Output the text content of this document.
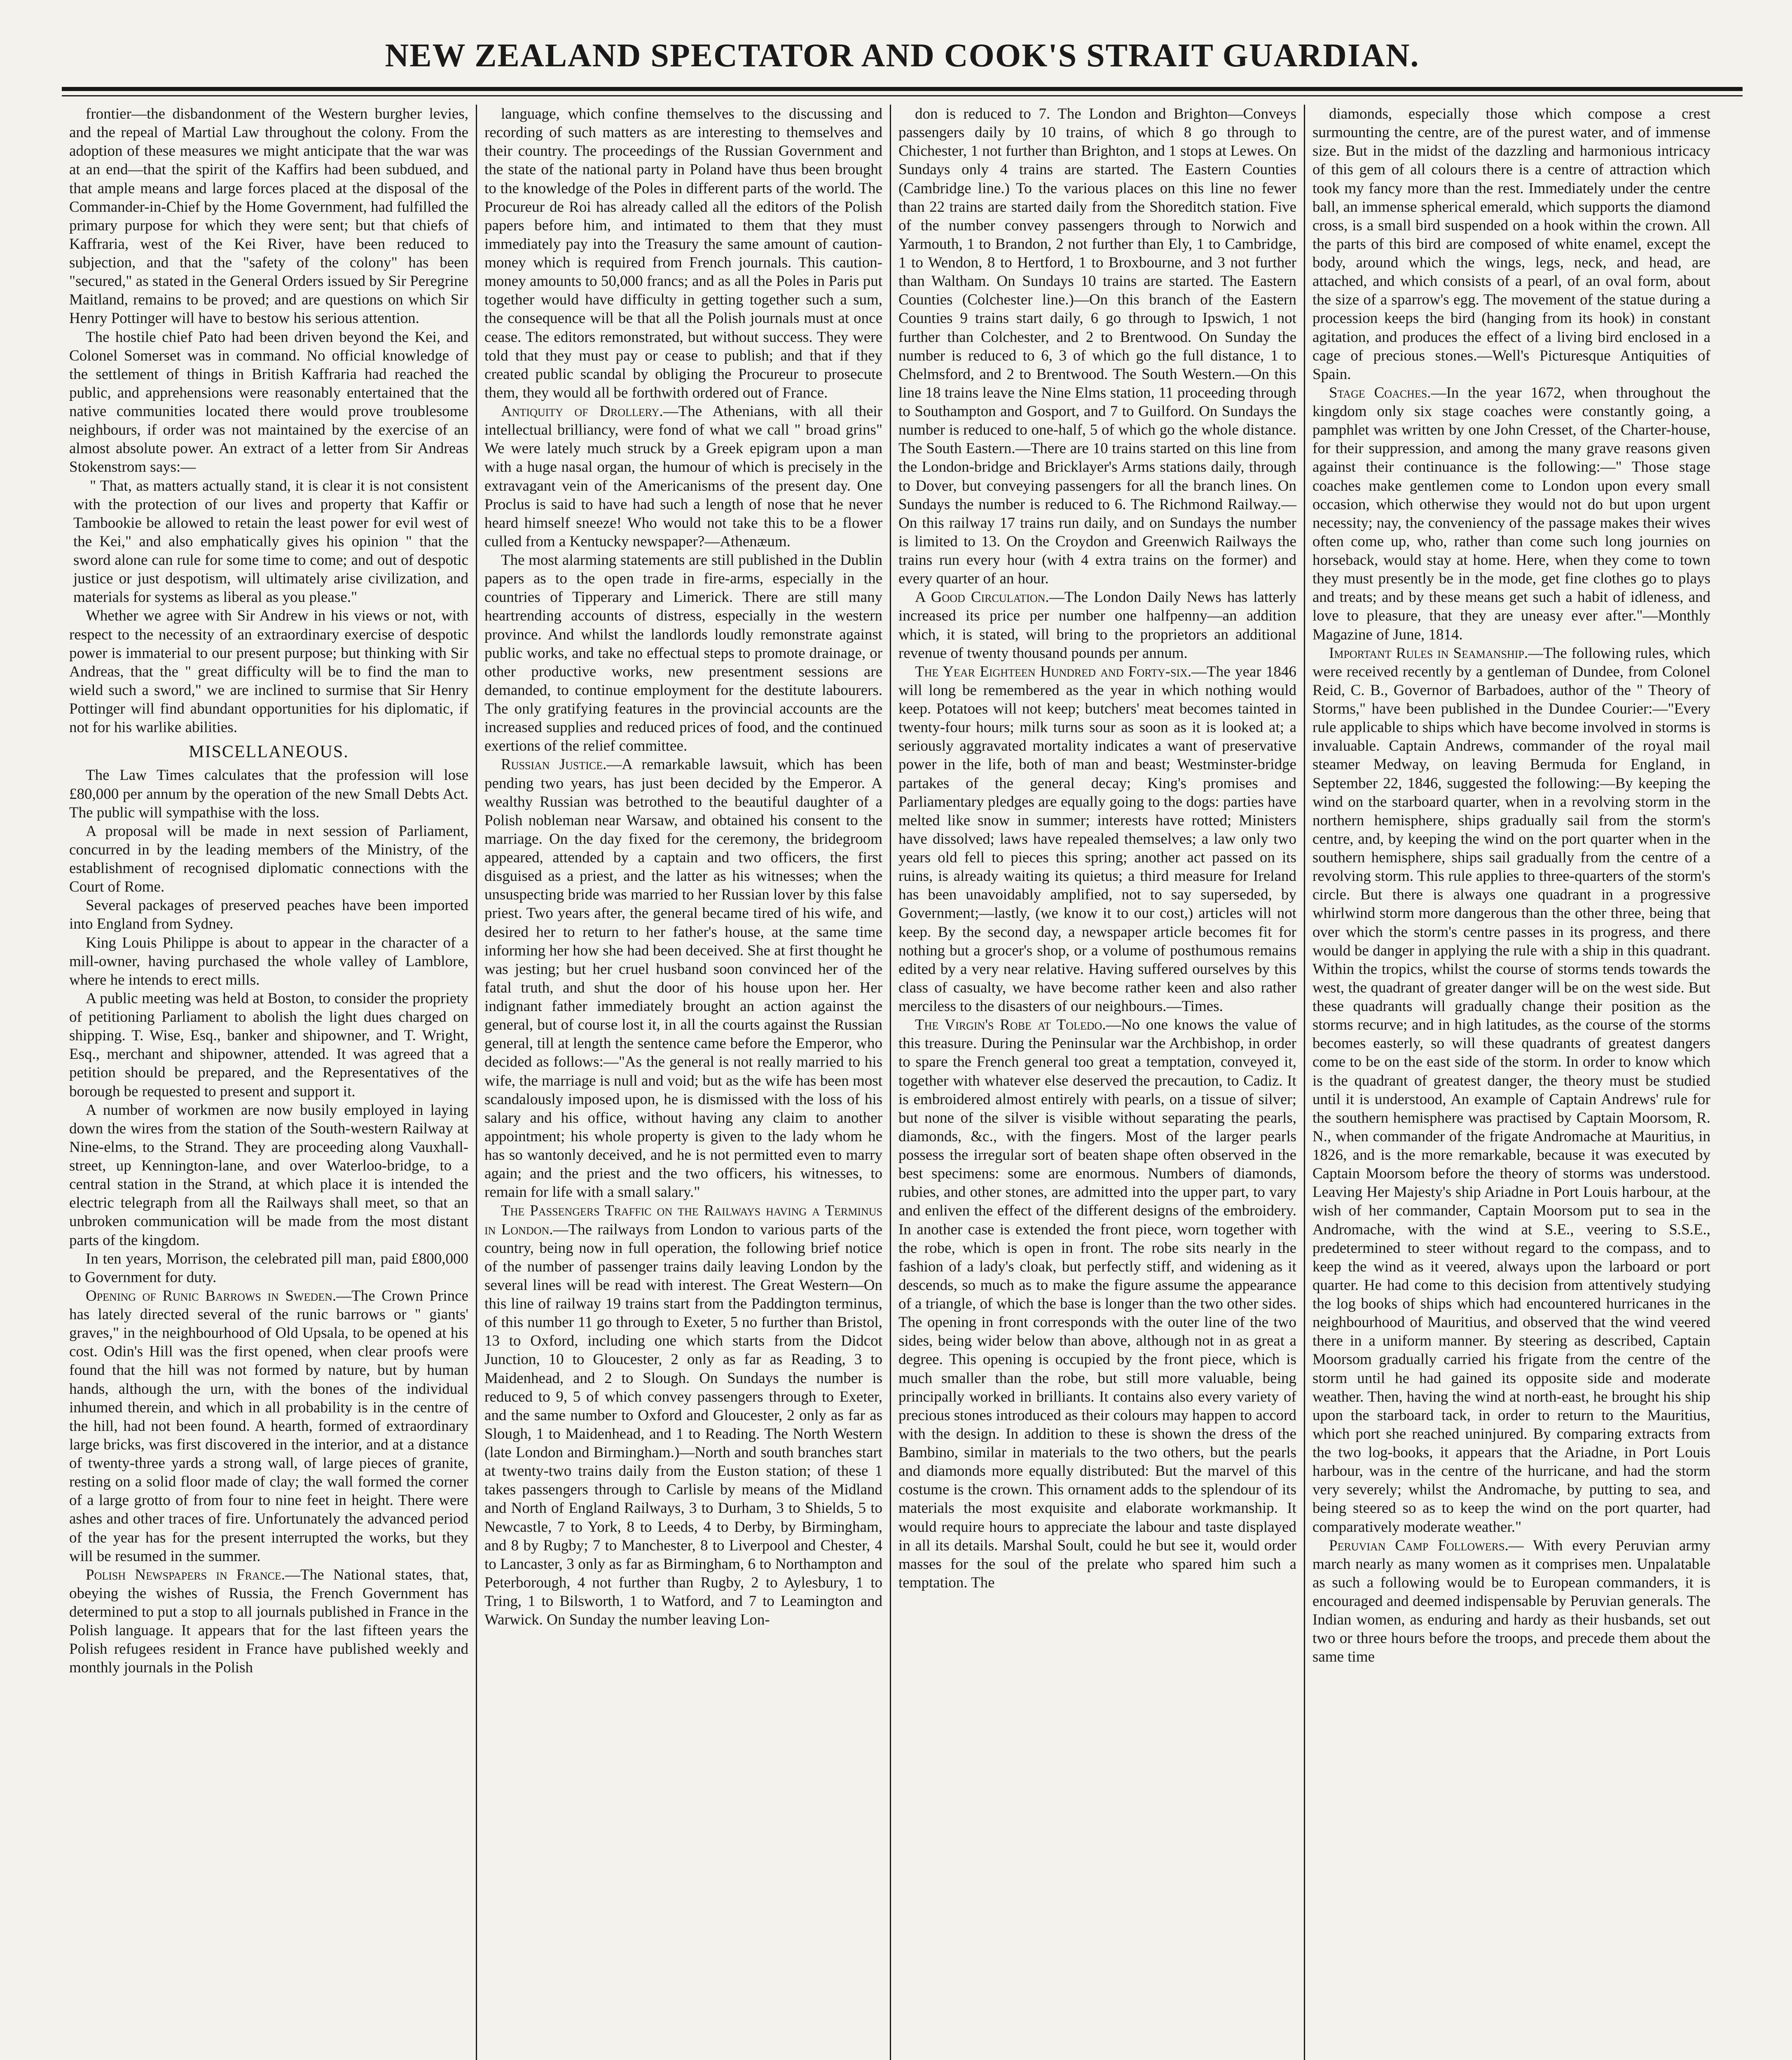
NEW ZEALAND SPECTATOR AND COOK'S STRAIT GUARDIAN.

frontier—the disbandonment of the Western burgher levies, and the repeal of Martial Law throughout the colony. From the adoption of these measures we might anticipate that the war was at an end—that the spirit of the Kaffirs had been subdued, and that ample means and large forces placed at the disposal of the Commander-in-Chief by the Home Government, had fulfilled the primary purpose for which they were sent; but that chiefs of Kaffraria, west of the Kei River, have been reduced to subjection, and that the "safety of the colony" has been "secured," as stated in the General Orders issued by Sir Peregrine Maitland, remains to be proved; and are questions on which Sir Henry Pottinger will have to bestow his serious attention.

The hostile chief Pato had been driven beyond the Kei, and Colonel Somerset was in command. No official knowledge of the settlement of things in British Kaffraria had reached the public, and apprehensions were reasonably entertained that the native communities located there would prove troublesome neighbours, if order was not maintained by the exercise of an almost absolute power. An extract of a letter from Sir Andreas Stokenstrom says:—

" That, as matters actually stand, it is clear it is not consistent with the protection of our lives and property that Kaffir or Tambookie be allowed to retain the least power for evil west of the Kei," and also emphatically gives his opinion " that the sword alone can rule for some time to come; and out of despotic justice or just despotism, will ultimately arise civilization, and materials for systems as liberal as you please."

Whether we agree with Sir Andrew in his views or not, with respect to the necessity of an extraordinary exercise of despotic power is immaterial to our present purpose; but thinking with Sir Andreas, that the " great difficulty will be to find the man to wield such a sword," we are inclined to surmise that Sir Henry Pottinger will find abundant opportunities for his diplomatic, if not for his warlike abilities.

MISCELLANEOUS.

The Law Times calculates that the profession will lose £80,000 per annum by the operation of the new Small Debts Act. The public will sympathise with the loss.

A proposal will be made in next session of Parliament, concurred in by the leading members of the Ministry, of the establishment of recognised diplomatic connections with the Court of Rome.

Several packages of preserved peaches have been imported into England from Sydney.

King Louis Philippe is about to appear in the character of a mill-owner, having purchased the whole valley of Lamblore, where he intends to erect mills.

A public meeting was held at Boston, to consider the propriety of petitioning Parliament to abolish the light dues charged on shipping. T. Wise, Esq., banker and shipowner, and T. Wright, Esq., merchant and shipowner, attended. It was agreed that a petition should be prepared, and the Representatives of the borough be requested to present and support it.

A number of workmen are now busily employed in laying down the wires from the station of the South-western Railway at Nine-elms, to the Strand. They are proceeding along Vauxhall-street, up Kennington-lane, and over Waterloo-bridge, to a central station in the Strand, at which place it is intended the electric telegraph from all the Railways shall meet, so that an unbroken communication will be made from the most distant parts of the kingdom.

In ten years, Morrison, the celebrated pill man, paid £800,000 to Government for duty.

Opening of Runic Barrows in Sweden.—The Crown Prince has lately directed several of the runic barrows or " giants' graves," in the neighbourhood of Old Upsala, to be opened at his cost. Odin's Hill was the first opened, when clear proofs were found that the hill was not formed by nature, but by human hands, although the urn, with the bones of the individual inhumed therein, and which in all probability is in the centre of the hill, had not been found. A hearth, formed of extraordinary large bricks, was first discovered in the interior, and at a distance of twenty-three yards a strong wall, of large pieces of granite, resting on a solid floor made of clay; the wall formed the corner of a large grotto of from four to nine feet in height. There were ashes and other traces of fire. Unfortunately the advanced period of the year has for the present interrupted the works, but they will be resumed in the summer.

Polish Newspapers in France.—The National states, that, obeying the wishes of Russia, the French Government has determined to put a stop to all journals published in France in the Polish language. It appears that for the last fifteen years the Polish refugees resident in France have published weekly and monthly journals in the Polish

language, which confine themselves to the discussing and recording of such matters as are interesting to themselves and their country. The proceedings of the Russian Government and the state of the national party in Poland have thus been brought to the knowledge of the Poles in different parts of the world. The Procureur de Roi has already called all the editors of the Polish papers before him, and intimated to them that they must immediately pay into the Treasury the same amount of caution-money which is required from French journals. This caution-money amounts to 50,000 francs; and as all the Poles in Paris put together would have difficulty in getting together such a sum, the consequence will be that all the Polish journals must at once cease. The editors remonstrated, but without success. They were told that they must pay or cease to publish; and that if they created public scandal by obliging the Procureur to prosecute them, they would all be forthwith ordered out of France.

Antiquity of Drollery.—The Athenians, with all their intellectual brilliancy, were fond of what we call " broad grins" We were lately much struck by a Greek epigram upon a man with a huge nasal organ, the humour of which is precisely in the extravagant vein of the Americanisms of the present day. One Proclus is said to have had such a length of nose that he never heard himself sneeze! Who would not take this to be a flower culled from a Kentucky newspaper?—Athenæum.

The most alarming statements are still published in the Dublin papers as to the open trade in fire-arms, especially in the countries of Tipperary and Limerick. There are still many heartrending accounts of distress, especially in the western province. And whilst the landlords loudly remonstrate against public works, and take no effectual steps to promote drainage, or other productive works, new presentment sessions are demanded, to continue employment for the destitute labourers. The only gratifying features in the provincial accounts are the increased supplies and reduced prices of food, and the continued exertions of the relief committee.

Russian Justice.—A remarkable lawsuit, which has been pending two years, has just been decided by the Emperor. A wealthy Russian was betrothed to the beautiful daughter of a Polish nobleman near Warsaw, and obtained his consent to the marriage. On the day fixed for the ceremony, the bridegroom appeared, attended by a captain and two officers, the first disguised as a priest, and the latter as his witnesses; when the unsuspecting bride was married to her Russian lover by this false priest. Two years after, the general became tired of his wife, and desired her to return to her father's house, at the same time informing her how she had been deceived. She at first thought he was jesting; but her cruel husband soon convinced her of the fatal truth, and shut the door of his house upon her. Her indignant father immediately brought an action against the general, but of course lost it, in all the courts against the Russian general, till at length the sentence came before the Emperor, who decided as follows:—"As the general is not really married to his wife, the marriage is null and void; but as the wife has been most scandalously imposed upon, he is dismissed with the loss of his salary and his office, without having any claim to another appointment; his whole property is given to the lady whom he has so wantonly deceived, and he is not permitted even to marry again; and the priest and the two officers, his witnesses, to remain for life with a small salary."

The Passengers Traffic on the Railways having a Terminus in London.—The railways from London to various parts of the country, being now in full operation, the following brief notice of the number of passenger trains daily leaving London by the several lines will be read with interest. The Great Western—On this line of railway 19 trains start from the Paddington terminus, of this number 11 go through to Exeter, 5 no further than Bristol, 13 to Oxford, including one which starts from the Didcot Junction, 10 to Gloucester, 2 only as far as Reading, 3 to Maidenhead, and 2 to Slough. On Sundays the number is reduced to 9, 5 of which convey passengers through to Exeter, and the same number to Oxford and Gloucester, 2 only as far as Slough, 1 to Maidenhead, and 1 to Reading. The North Western (late London and Birmingham.)—North and south branches start at twenty-two trains daily from the Euston station; of these 1 takes passengers through to Carlisle by means of the Midland and North of England Railways, 3 to Durham, 3 to Shields, 5 to Newcastle, 7 to York, 8 to Leeds, 4 to Derby, by Birmingham, and 8 by Rugby; 7 to Manchester, 8 to Liverpool and Chester, 4 to Lancaster, 3 only as far as Birmingham, 6 to Northampton and Peterborough, 4 not further than Rugby, 2 to Aylesbury, 1 to Tring, 1 to Bilsworth, 1 to Watford, and 7 to Leamington and Warwick. On Sunday the number leaving Lon-

don is reduced to 7. The London and Brighton—Conveys passengers daily by 10 trains, of which 8 go through to Chichester, 1 not further than Brighton, and 1 stops at Lewes. On Sundays only 4 trains are started. The Eastern Counties (Cambridge line.) To the various places on this line no fewer than 22 trains are started daily from the Shoreditch station. Five of the number convey passengers through to Norwich and Yarmouth, 1 to Brandon, 2 not further than Ely, 1 to Cambridge, 1 to Wendon, 8 to Hertford, 1 to Broxbourne, and 3 not further than Waltham. On Sundays 10 trains are started. The Eastern Counties (Colchester line.)—On this branch of the Eastern Counties 9 trains start daily, 6 go through to Ipswich, 1 not further than Colchester, and 2 to Brentwood. On Sunday the number is reduced to 6, 3 of which go the full distance, 1 to Chelmsford, and 2 to Brentwood. The South Western.—On this line 18 trains leave the Nine Elms station, 11 proceeding through to Southampton and Gosport, and 7 to Guilford. On Sundays the number is reduced to one-half, 5 of which go the whole distance. The South Eastern.—There are 10 trains started on this line from the London-bridge and Bricklayer's Arms stations daily, through to Dover, but conveying passengers for all the branch lines. On Sundays the number is reduced to 6. The Richmond Railway.—On this railway 17 trains run daily, and on Sundays the number is limited to 13. On the Croydon and Greenwich Railways the trains run every hour (with 4 extra trains on the former) and every quarter of an hour.

A Good Circulation.—The London Daily News has latterly increased its price per number one halfpenny—an addition which, it is stated, will bring to the proprietors an additional revenue of twenty thousand pounds per annum.

The Year Eighteen Hundred and Forty-six.—The year 1846 will long be remembered as the year in which nothing would keep. Potatoes will not keep; butchers' meat becomes tainted in twenty-four hours; milk turns sour as soon as it is looked at; a seriously aggravated mortality indicates a want of preservative power in the life, both of man and beast; Westminster-bridge partakes of the general decay; King's promises and Parliamentary pledges are equally going to the dogs: parties have melted like snow in summer; interests have rotted; Ministers have dissolved; laws have repealed themselves; a law only two years old fell to pieces this spring; another act passed on its ruins, is already waiting its quietus; a third measure for Ireland has been unavoidably amplified, not to say superseded, by Government;—lastly, (we know it to our cost,) articles will not keep. By the second day, a newspaper article becomes fit for nothing but a grocer's shop, or a volume of posthumous remains edited by a very near relative. Having suffered ourselves by this class of casualty, we have become rather keen and also rather merciless to the disasters of our neighbours.—Times.

The Virgin's Robe at Toledo.—No one knows the value of this treasure. During the Peninsular war the Archbishop, in order to spare the French general too great a temptation, conveyed it, together with whatever else deserved the precaution, to Cadiz. It is embroidered almost entirely with pearls, on a tissue of silver; but none of the silver is visible without separating the pearls, diamonds, &c., with the fingers. Most of the larger pearls possess the irregular sort of beaten shape often observed in the best specimens: some are enormous. Numbers of diamonds, rubies, and other stones, are admitted into the upper part, to vary and enliven the effect of the different designs of the embroidery. In another case is extended the front piece, worn together with the robe, which is open in front. The robe sits nearly in the fashion of a lady's cloak, but perfectly stiff, and widening as it descends, so much as to make the figure assume the appearance of a triangle, of which the base is longer than the two other sides. The opening in front corresponds with the outer line of the two sides, being wider below than above, although not in as great a degree. This opening is occupied by the front piece, which is much smaller than the robe, but still more valuable, being principally worked in brilliants. It contains also every variety of precious stones introduced as their colours may happen to accord with the design. In addition to these is shown the dress of the Bambino, similar in materials to the two others, but the pearls and diamonds more equally distributed: But the marvel of this costume is the crown. This ornament adds to the splendour of its materials the most exquisite and elaborate workmanship. It would require hours to appreciate the labour and taste displayed in all its details. Marshal Soult, could he but see it, would order masses for the soul of the prelate who spared him such a temptation. The

diamonds, especially those which compose a crest surmounting the centre, are of the purest water, and of immense size. But in the midst of the dazzling and harmonious intricacy of this gem of all colours there is a centre of attraction which took my fancy more than the rest. Immediately under the centre ball, an immense spherical emerald, which supports the diamond cross, is a small bird suspended on a hook within the crown. All the parts of this bird are composed of white enamel, except the body, around which the wings, legs, neck, and head, are attached, and which consists of a pearl, of an oval form, about the size of a sparrow's egg. The movement of the statue during a procession keeps the bird (hanging from its hook) in constant agitation, and produces the effect of a living bird enclosed in a cage of precious stones.—Well's Picturesque Antiquities of Spain.

Stage Coaches.—In the year 1672, when throughout the kingdom only six stage coaches were constantly going, a pamphlet was written by one John Cresset, of the Charter-house, for their suppression, and among the many grave reasons given against their continuance is the following:—" Those stage coaches make gentlemen come to London upon every small occasion, which otherwise they would not do but upon urgent necessity; nay, the conveniency of the passage makes their wives often come up, who, rather than come such long journies on horseback, would stay at home. Here, when they come to town they must presently be in the mode, get fine clothes go to plays and treats; and by these means get such a habit of idleness, and love to pleasure, that they are uneasy ever after."—Monthly Magazine of June, 1814.

Important Rules in Seamanship.—The following rules, which were received recently by a gentleman of Dundee, from Colonel Reid, C. B., Governor of Barbadoes, author of the " Theory of Storms," have been published in the Dundee Courier:—"Every rule applicable to ships which have become involved in storms is invaluable. Captain Andrews, commander of the royal mail steamer Medway, on leaving Bermuda for England, in September 22, 1846, suggested the following:—By keeping the wind on the starboard quarter, when in a revolving storm in the northern hemisphere, ships gradually sail from the storm's centre, and, by keeping the wind on the port quarter when in the southern hemisphere, ships sail gradually from the centre of a revolving storm. This rule applies to three-quarters of the storm's circle. But there is always one quadrant in a progressive whirlwind storm more dangerous than the other three, being that over which the storm's centre passes in its progress, and there would be danger in applying the rule with a ship in this quadrant. Within the tropics, whilst the course of storms tends towards the west, the quadrant of greater danger will be on the west side. But these quadrants will gradually change their position as the storms recurve; and in high latitudes, as the course of the storms becomes easterly, so will these quadrants of greatest dangers come to be on the east side of the storm. In order to know which is the quadrant of greatest danger, the theory must be studied until it is understood, An example of Captain Andrews' rule for the southern hemisphere was practised by Captain Moorsom, R. N., when commander of the frigate Andromache at Mauritius, in 1826, and is the more remarkable, because it was executed by Captain Moorsom before the theory of storms was understood. Leaving Her Majesty's ship Ariadne in Port Louis harbour, at the wish of her commander, Captain Moorsom put to sea in the Andromache, with the wind at S.E., veering to S.S.E., predetermined to steer without regard to the compass, and to keep the wind as it veered, always upon the larboard or port quarter. He had come to this decision from attentively studying the log books of ships which had encountered hurricanes in the neighbourhood of Mauritius, and observed that the wind veered there in a uniform manner. By steering as described, Captain Moorsom gradually carried his frigate from the centre of the storm until he had gained its opposite side and moderate weather. Then, having the wind at north-east, he brought his ship upon the starboard tack, in order to return to the Mauritius, which port she reached uninjured. By comparing extracts from the two log-books, it appears that the Ariadne, in Port Louis harbour, was in the centre of the hurricane, and had the storm very severely; whilst the Andromache, by putting to sea, and being steered so as to keep the wind on the port quarter, had comparatively moderate weather."

Peruvian Camp Followers.— With every Peruvian army march nearly as many women as it comprises men. Unpalatable as such a following would be to European commanders, it is encouraged and deemed indispensable by Peruvian generals. The Indian women, as enduring and hardy as their husbands, set out two or three hours before the troops, and precede them about the same time
